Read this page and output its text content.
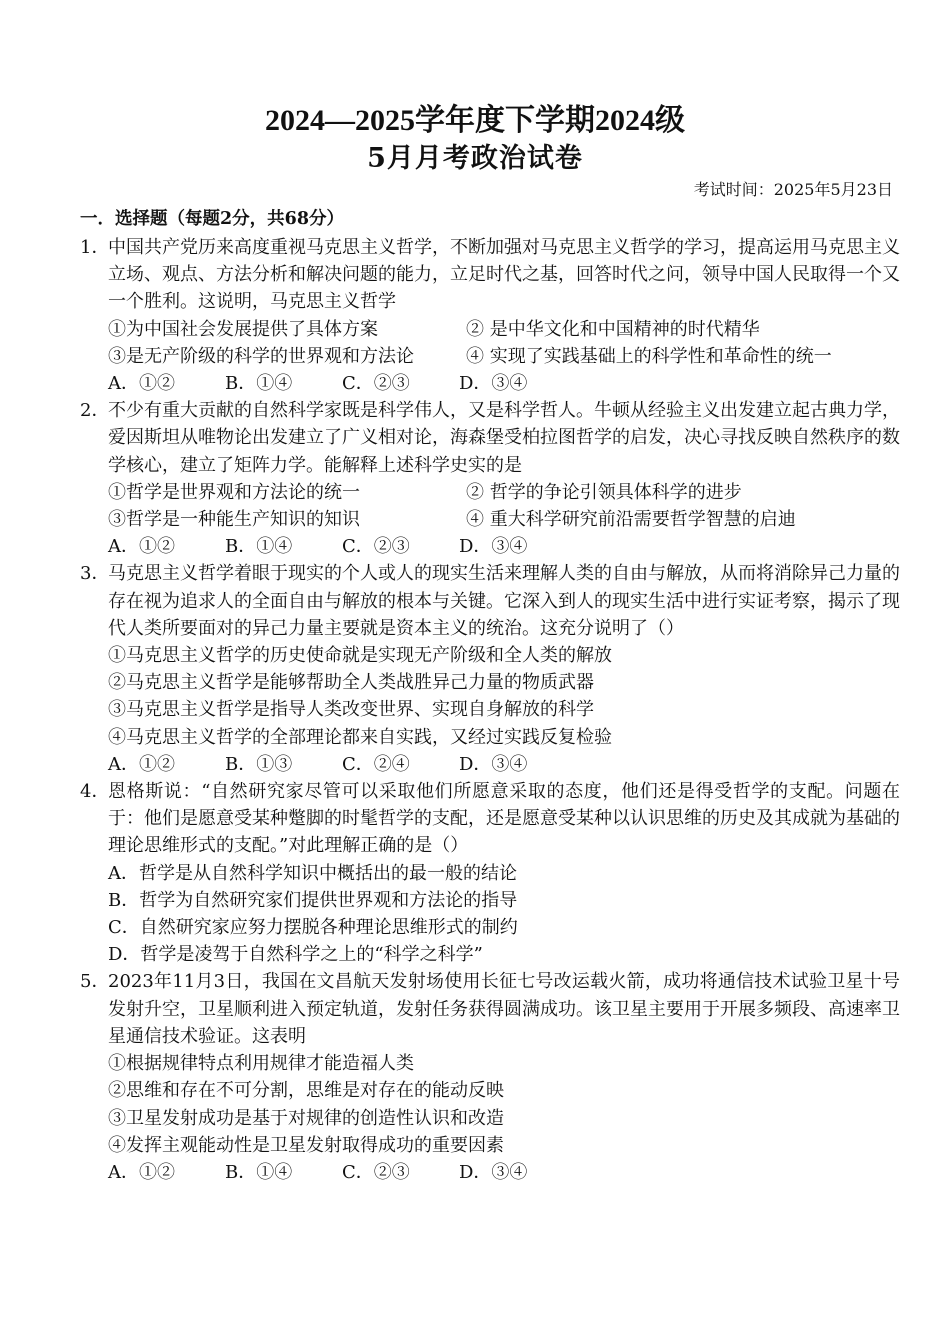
2024—2025学年度下学期2024级
5月月考政治试卷
考试时间：2025年5月23日
一．选择题（每题2分，共68分）
1．
中国共产党历来高度重视马克思主义哲学，不断加强对马克思主义哲学的学习，提高运用马克思主义立场、观点、方法分析和解决问题的能力，立足时代之基，回答时代之问，领导中国人民取得一个又一个胜利。这说明，马克思主义哲学
①为中国社会发展提供了具体方案	② 是中华文化和中国精神的时代精华
③是无产阶级的科学的世界观和方法论	④ 实现了实践基础上的科学性和革命性的统一
A．①②	B．①④	C．②③	D．③④
2．
不少有重大贡献的自然科学家既是科学伟人，又是科学哲人。牛顿从经验主义出发建立起古典力学，爱因斯坦从唯物论出发建立了广义相对论，海森堡受柏拉图哲学的启发，决心寻找反映自然秩序的数学核心，建立了矩阵力学。能解释上述科学史实的是
①哲学是世界观和方法论的统一	② 哲学的争论引领具体科学的进步
③哲学是一种能生产知识的知识	④ 重大科学研究前沿需要哲学智慧的启迪
A．①②	B．①④	C．②③	D．③④
3．
马克思主义哲学着眼于现实的个人或人的现实生活来理解人类的自由与解放，从而将消除异己力量的存在视为追求人的全面自由与解放的根本与关键。它深入到人的现实生活中进行实证考察，揭示了现代人类所要面对的异己力量主要就是资本主义的统治。这充分说明了（）
①马克思主义哲学的历史使命就是实现无产阶级和全人类的解放
②马克思主义哲学是能够帮助全人类战胜异己力量的物质武器
③马克思主义哲学是指导人类改变世界、实现自身解放的科学
④马克思主义哲学的全部理论都来自实践，又经过实践反复检验
A．①②	B．①③	C．②④	D．③④
4．
恩格斯说：“自然研究家尽管可以采取他们所愿意采取的态度，他们还是得受哲学的支配。问题在于：他们是愿意受某种蹩脚的时髦哲学的支配，还是愿意受某种以认识思维的历史及其成就为基础的理论思维形式的支配。”对此理解正确的是（）
A．哲学是从自然科学知识中概括出的最一般的结论
B．哲学为自然研究家们提供世界观和方法论的指导
C．自然研究家应努力摆脱各种理论思维形式的制约
D．哲学是凌驾于自然科学之上的“科学之科学”
5．
2023年11月3日，我国在文昌航天发射场使用长征七号改运载火箭，成功将通信技术试验卫星十号发射升空，卫星顺利进入预定轨道，发射任务获得圆满成功。该卫星主要用于开展多频段、高速率卫星通信技术验证。这表明
①根据规律特点利用规律才能造福人类
②思维和存在不可分割，思维是对存在的能动反映
③卫星发射成功是基于对规律的创造性认识和改造
④发挥主观能动性是卫星发射取得成功的重要因素
A．①②	B．①④	C．②③	D．③④
